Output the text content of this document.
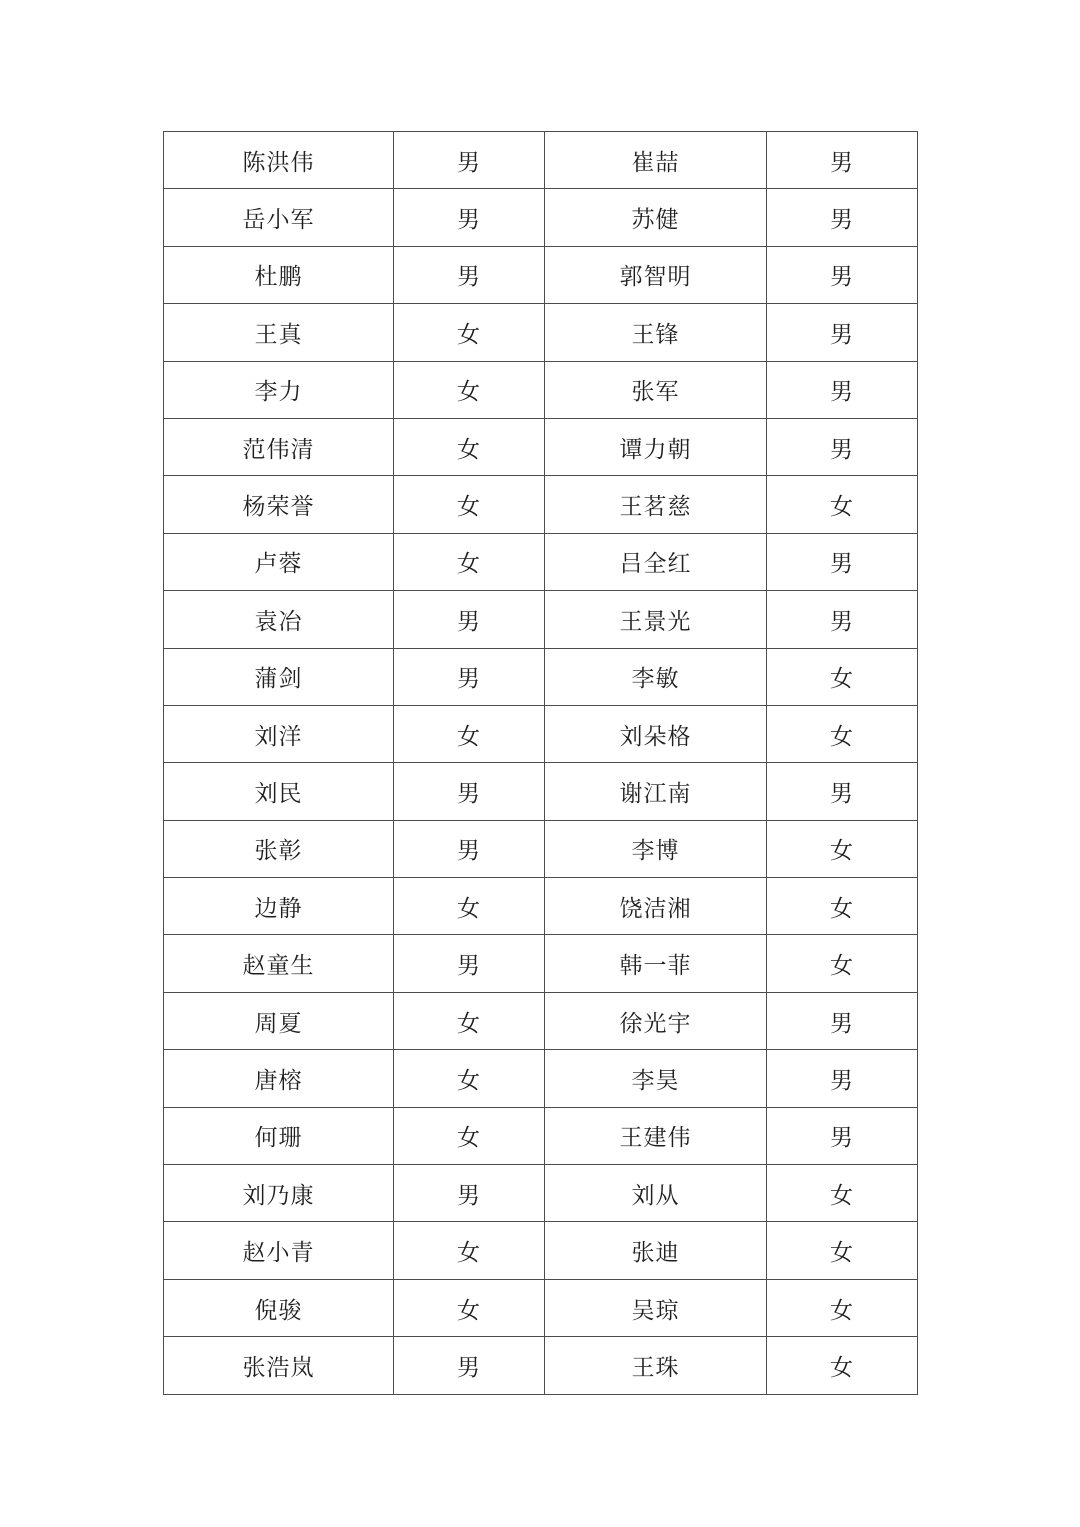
陈洪伟	男	崔喆	男
岳小军	男	苏健	男
杜鹏	男	郭智明	男
王真	女	王锋	男
李力	女	张军	男
范伟清	女	谭力朝	男
杨荣誉	女	王茗慈	女
卢蓉	女	吕全红	男
袁冶	男	王景光	男
蒲剑	男	李敏	女
刘洋	女	刘朵格	女
刘民	男	谢江南	男
张彰	男	李博	女
边静	女	饶洁湘	女
赵童生	男	韩一菲	女
周夏	女	徐光宇	男
唐榕	女	李昊	男
何珊	女	王建伟	男
刘乃康	男	刘从	女
赵小青	女	张迪	女
倪骏	女	吴琼	女
张浩岚	男	王珠	女
